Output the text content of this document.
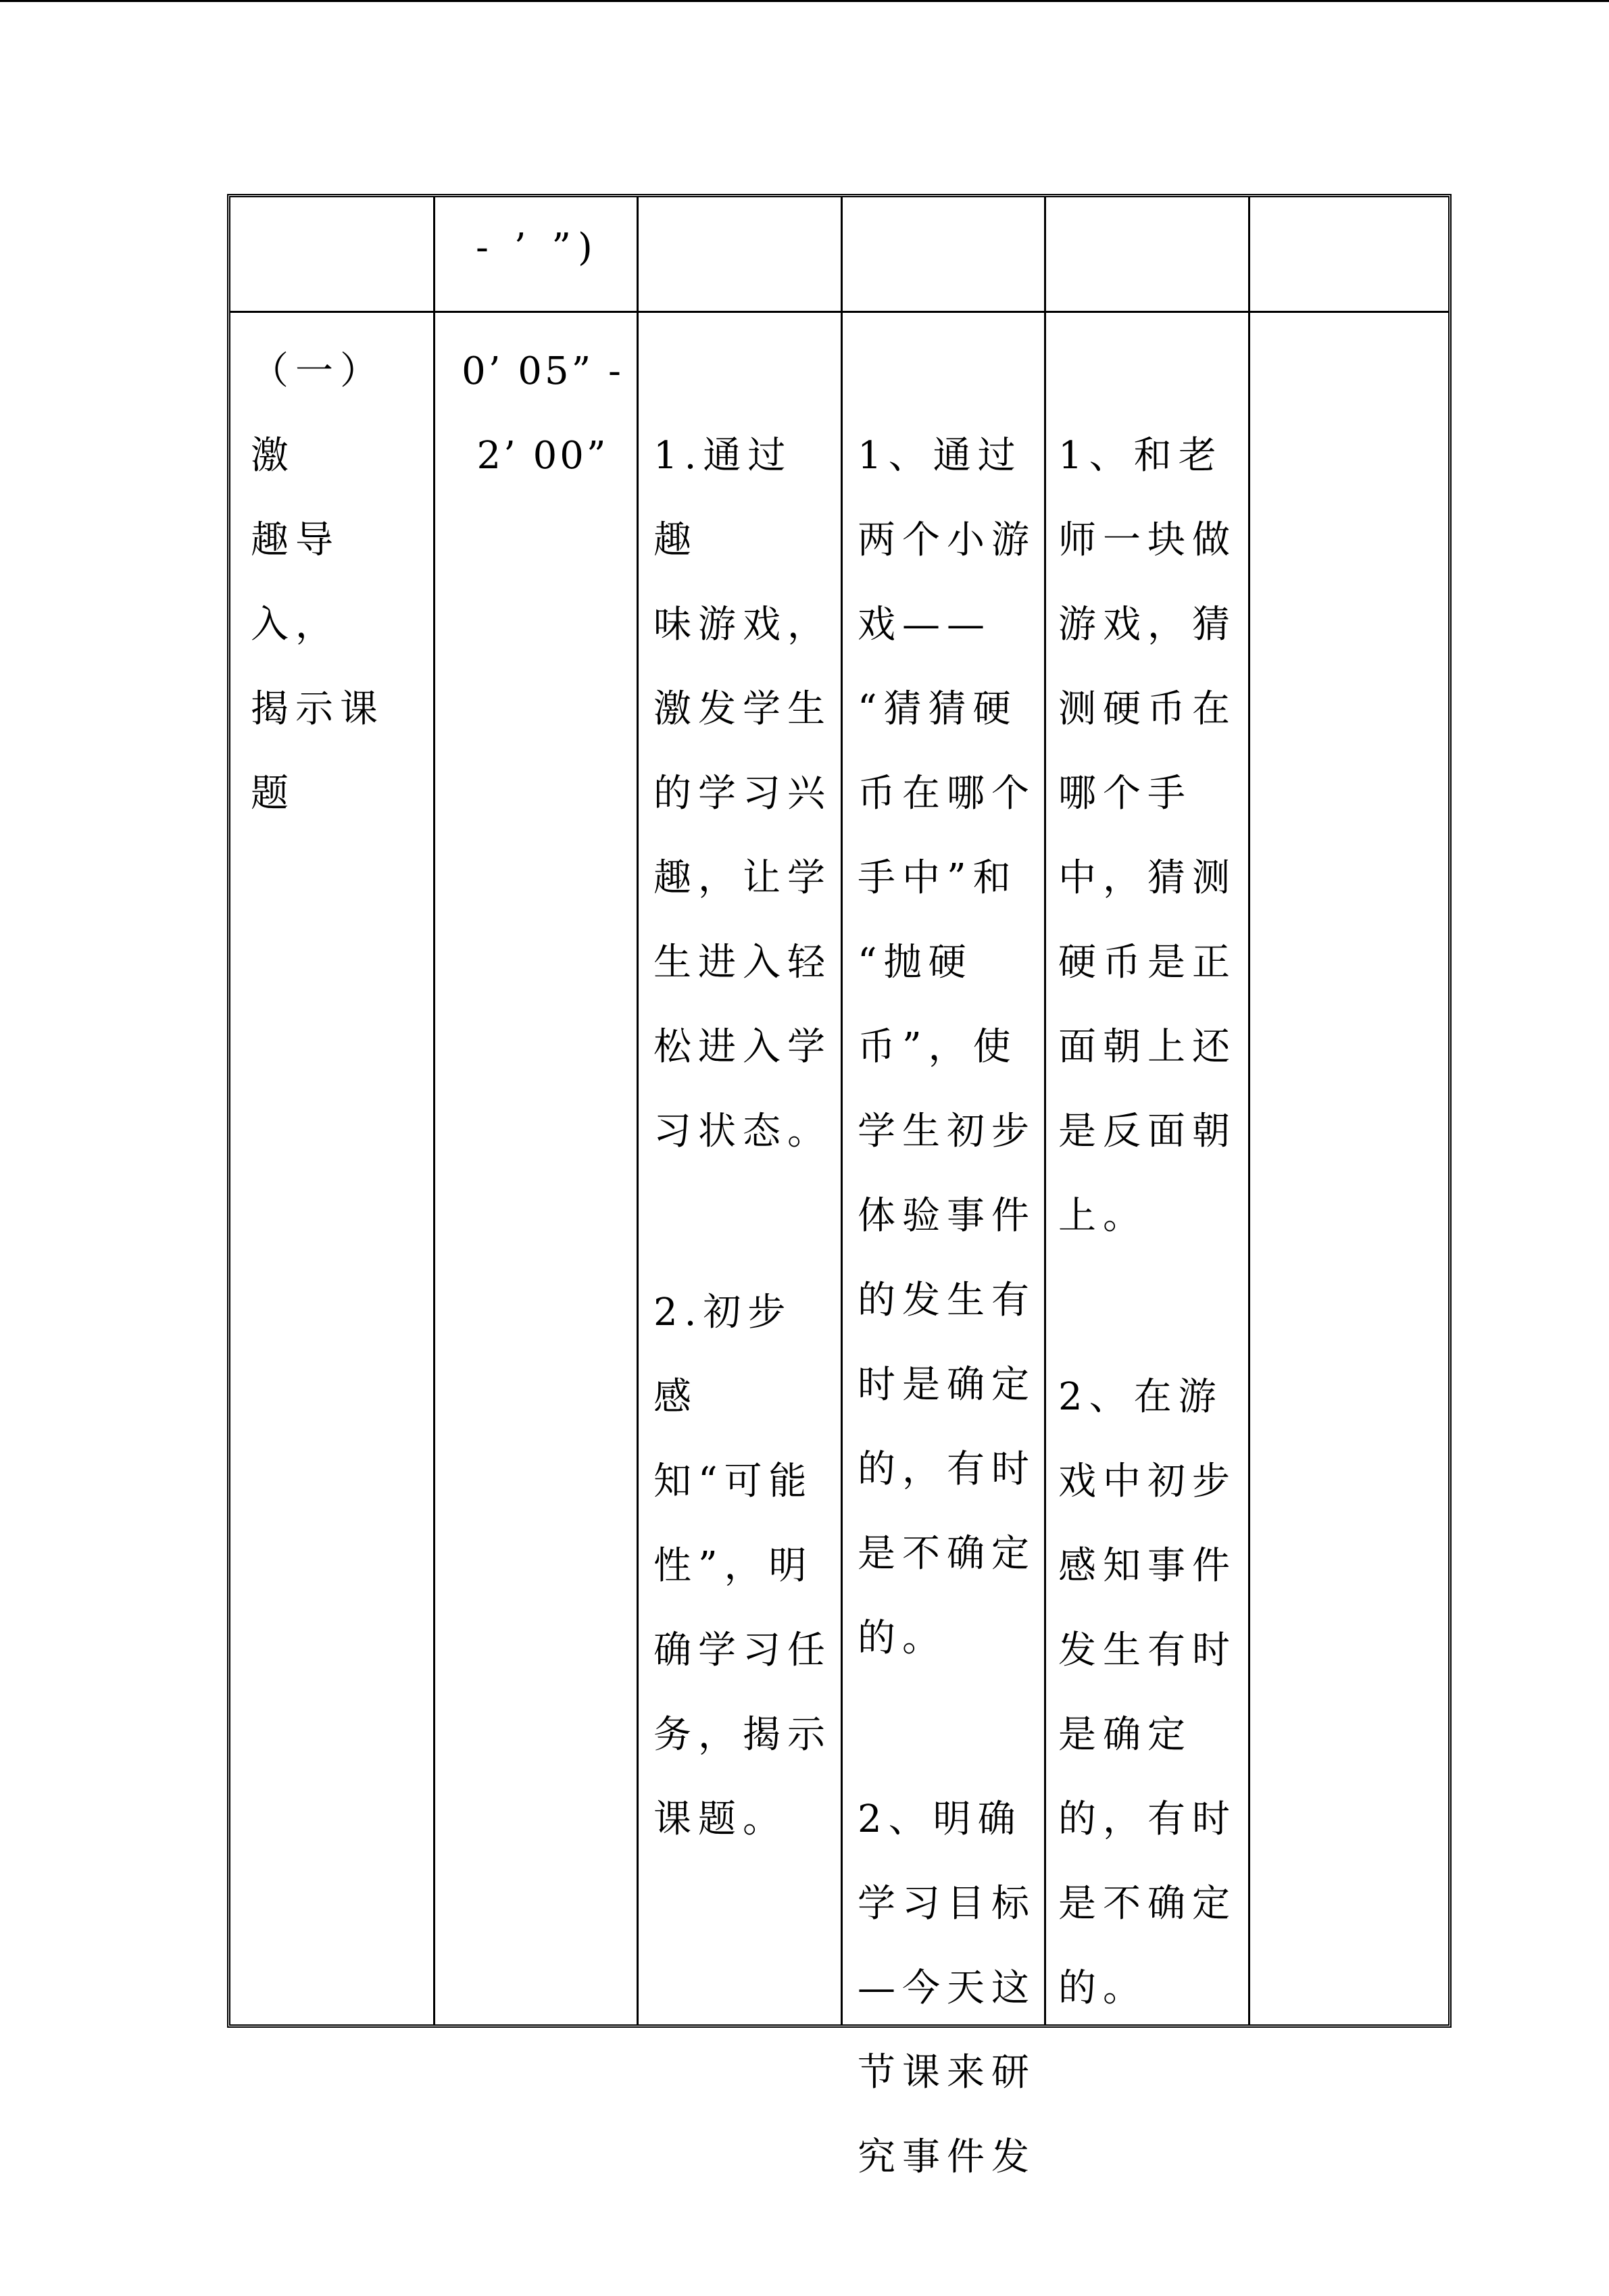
- ’ ”)
（一）激
趣导入，
揭示课题
0’ 05” -
2’ 00”	1.通过趣
味游戏，
激发学生
的学习兴
趣，让学
生进入轻
松进入学
习状态。

2.初步感
知“可能
性”，明
确学习任
务，揭示
课题。

1、通过
两个小游
戏——
“猜猜硬
币在哪个
手中”和
“抛硬
币”，使
学生初步
体验事件
的发生有
时是确定
的，有时
是不确定
的。

2、明确
学习目标
—今天这
节课来研
究事件发

1、和老
师一块做
游戏，猜
测硬币在
哪个手
中，猜测
硬币是正
面朝上还
是反面朝
上。

2、在游
戏中初步
感知事件
发生有时
是确定
的，有时
是不确定
的。
